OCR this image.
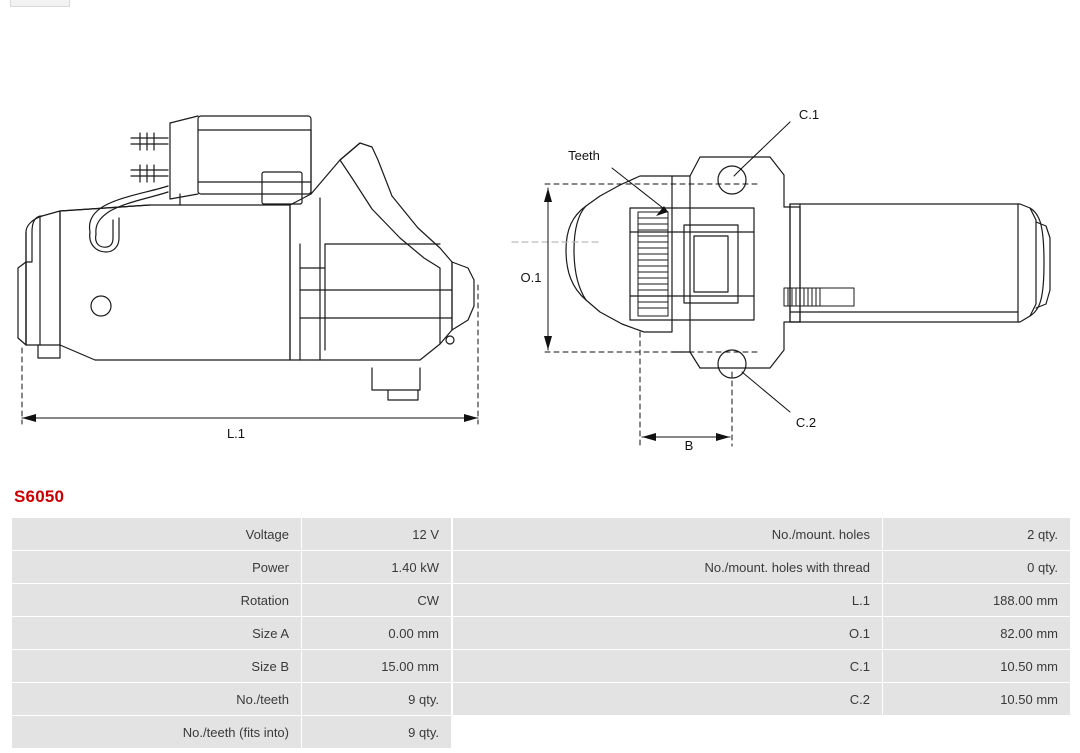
L.1
O.1
B
C.1
C.2
Teeth
S6050
Voltage	12 V
Power	1.40 kW
Rotation	CW
Size A	0.00 mm
Size B	15.00 mm
No./teeth	9 qty.
No./teeth (fits into)	9 qty.
No./mount. holes	2 qty.
No./mount. holes with thread	0 qty.
L.1	188.00 mm
O.1	82.00 mm
C.1	10.50 mm
C.2	10.50 mm
